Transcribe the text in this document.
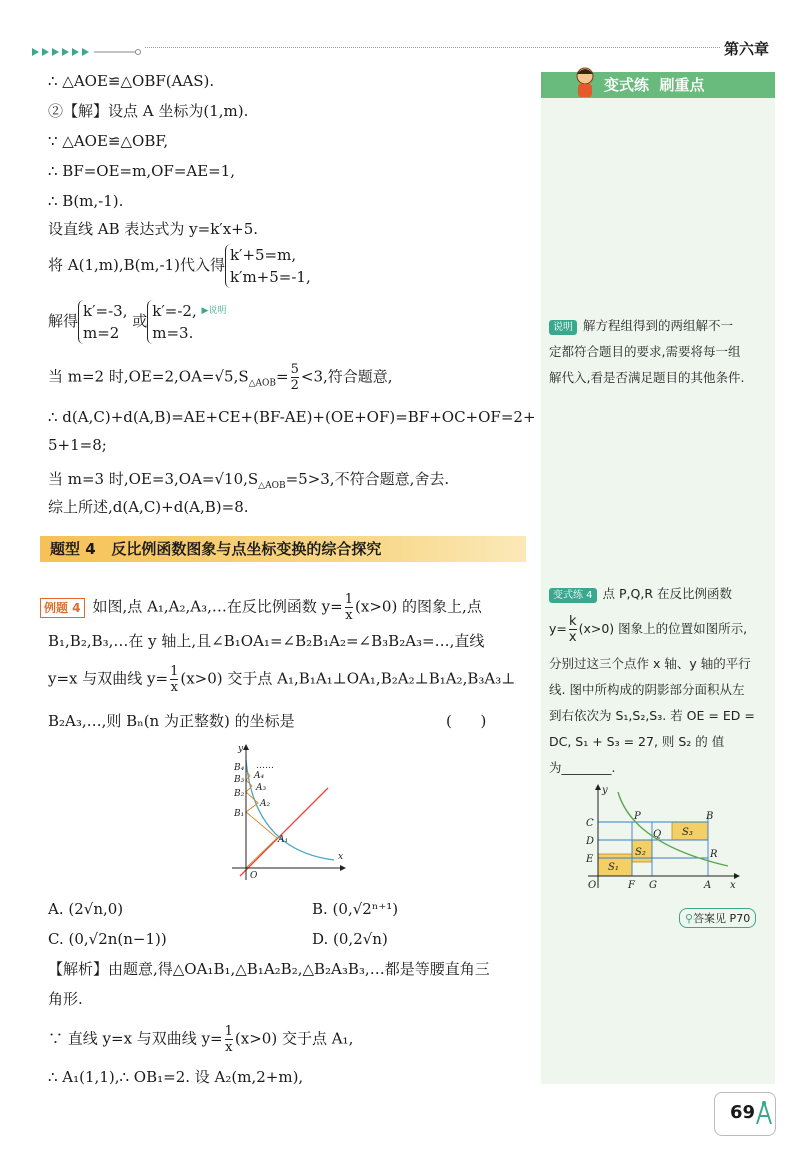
第六章
变式练  刷重点
说明 解方程组得到的两组解不一
定都符合题目的要求,需要将每一组
解代入,看是否满足题目的其他条件.
变式练 4 点 P,Q,R 在反比例函数
$y= \frac{k}{x} (x>0)$ 图象上的位置如图所示,
分别过这三个点作 x 轴、y 轴的平行
线. 图中所构成的阴影部分面积从左
到右依次为 S₁,S₂,S₃. 若 OE = ED =
DC, S₁ + S₃ = 27, 则 S₂ 的 值
为________.
y
x
C
D
E
O	F G	A
B
P
Q
R
S₁
S₂
S₃
⚲答案见 P70
∴ △AOE≌△OBF(AAS).
②【解】设点 A 坐标为(1,m).
∵ △AOE≌△OBF,
∴ BF=OE=m,OF=AE=1,
∴ B(m,-1).
设直线 AB 表达式为 y=k′x+5.
将 A(1,m),B(m,-1)代入得k′+5=m,
k′m+5=-1,
解得k′=-3,
m=2 或k′=-2,
m=3. $^{▶说明}$
当 m=2 时$,OE=2,OA=√5,S_{\triangle AOB}= \frac{5}{2} <3$,符合题意,
∴ d(A,C)+d(A,B)=AE+CE+(BF-AE)+(OE+OF)=BF+OC+OF=2+
5+1=8;
当 m=3 时$,OE=3,OA=√10,S_{\triangle AOB}=5>3$,不符合题意,舍去.
综上所述,d(A,C)+d(A,B)=8.
题型 4   反比例函数图象与点坐标变换的综合探究
例题 4 如图,点 A₁,A₂,A₃,…在反比例函数 $y= \frac{1}{x} (x>0)$ 的图象上,点
B₁,B₂,B₃,…在 y 轴上,且∠B₁OA₁=∠B₂B₁A₂=∠B₃B₂A₃=…,直线
y=x 与双曲线 $y= \frac{1}{x} (x>0)$ 交于点 A₁,B₁A₁⊥OA₁,B₂A₂⊥B₁A₂,B₃A₃⊥
B₂A₃,…,则 Bₙ(n 为正整数) 的坐标是	(      )
y
x
O
B₁
B₂
B₃
B₄
A₁
A₂
A₃
A₄
……
A. (2√n,0)	B. (0,√2ⁿ⁺¹)
C. (0,√2n(n−1))	D. (0,2√n)
【解析】由题意,得△OA₁B₁,△B₁A₂B₂,△B₂A₃B₃,…都是等腰直角三
角形.
∵ 直线 y=x 与双曲线 $y= \frac{1}{x} (x>0)$ 交于点 A₁,
∴ A₁(1,1),∴ OB₁=2. 设 A₂(m,2+m),
69
